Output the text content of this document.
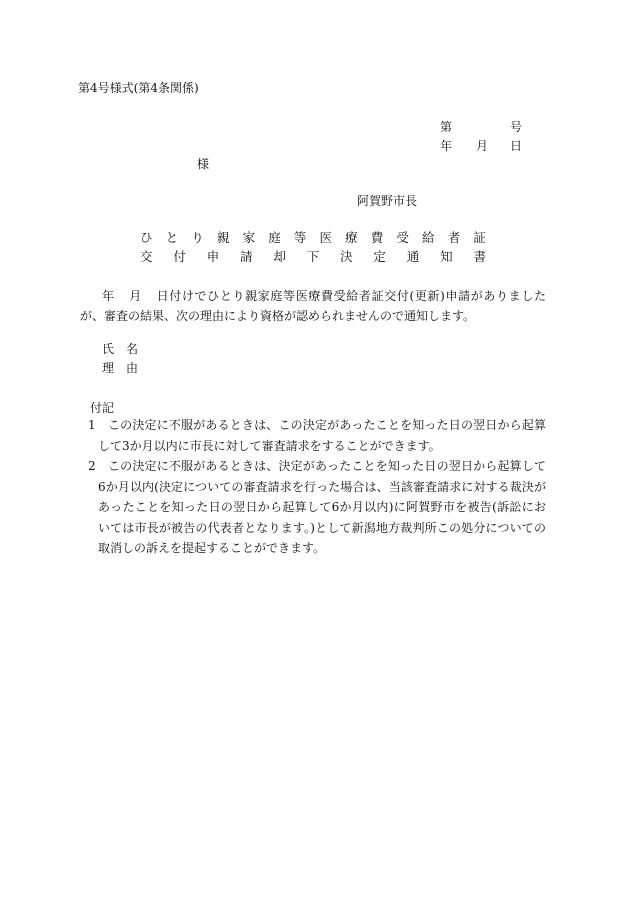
第4号様式(第4条関係)
第	号
年 月 日
様
阿賀野市長
ひ と り 親 家 庭 等 医 療 費 受 給 者 証
交 付 申 請 却 下 決 定 通 知 書
年 月 日付けでひとり親家庭等医療費受給者証交付(更新)申請がありましたが、審査の結果、次の理由により資格が認められませんので通知します。
氏　名
理　由
付記
1	この決定に不服があるときは、この決定があったことを知った日の翌日から起算して3か月以内に市長に対して審査請求をすることができます。
2	この決定に不服があるときは、決定があったことを知った日の翌日から起算して6か月以内(決定についての審査請求を行った場合は、当該審査請求に対する裁決があったことを知った日の翌日から起算して6か月以内)に阿賀野市を被告(訴訟においては市長が被告の代表者となります。)として新潟地方裁判所この処分についての取消しの訴えを提起することができます。
